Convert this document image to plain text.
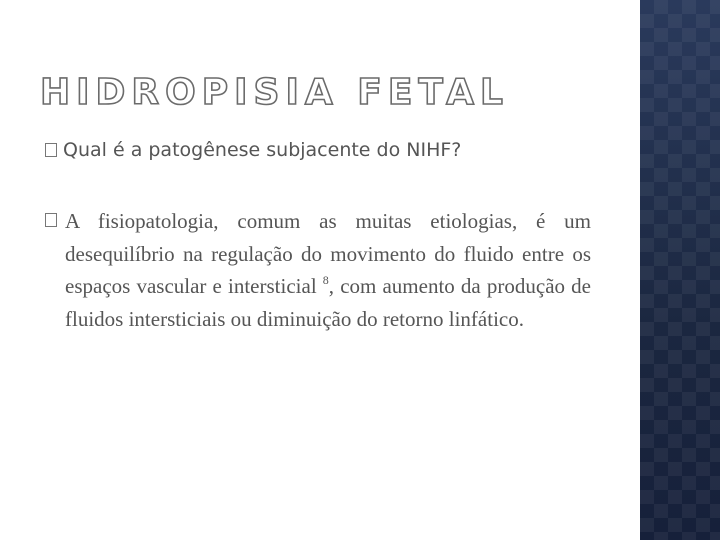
HIDROPISIA FETAL
Qual é a patogênese subjacente do NIHF?

A fisiopatologia, comum as muitas etiologias, é um desequilíbrio na regulação do movimento do fluido entre os espaços vascular e intersticial $^8$, com aumento da produção de fluidos intersticiais ou diminuição do retorno linfático.
